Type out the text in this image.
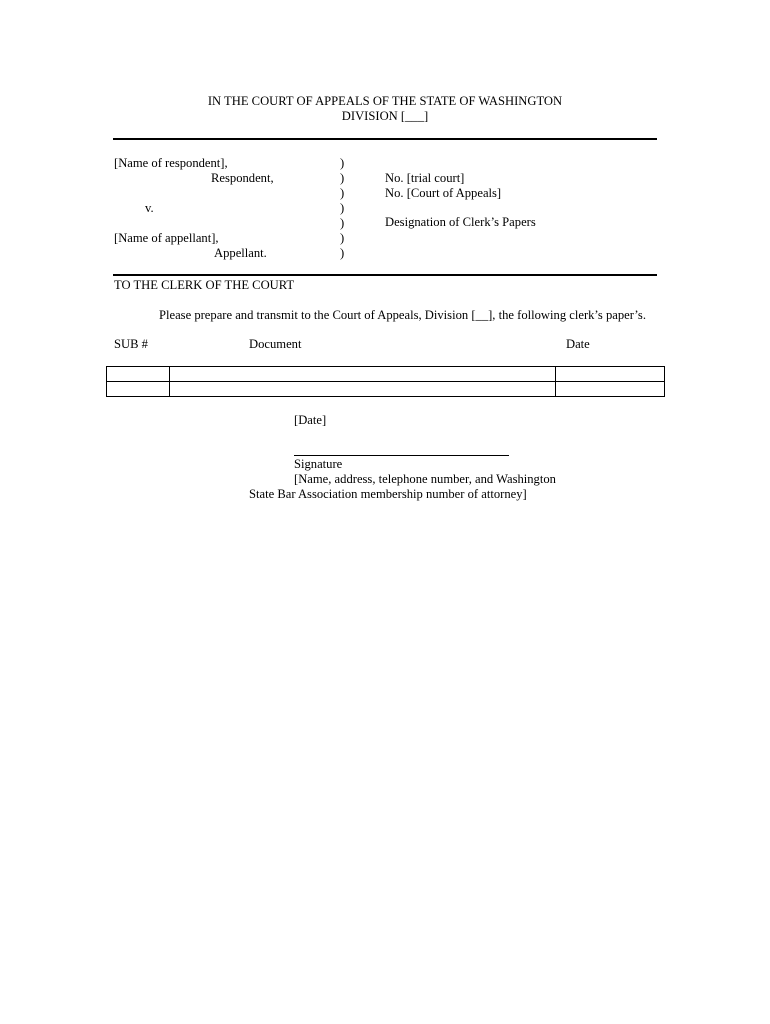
IN THE COURT OF APPEALS OF THE STATE OF WASHINGTON
DIVISION [___]
[Name of respondent],
Respondent,
v.
[Name of appellant],
Appellant.
)
)
)
)
)
)
)
No. [trial court]
No. [Court of Appeals]
Designation of Clerk’s Papers
TO THE CLERK OF THE COURT
Please prepare and transmit to the Court of Appeals, Division [__], the following clerk’s paper’s.
SUB #	Document	Date

[Date]
Signature
[Name, address, telephone number, and Washington
State Bar Association membership number of attorney]
